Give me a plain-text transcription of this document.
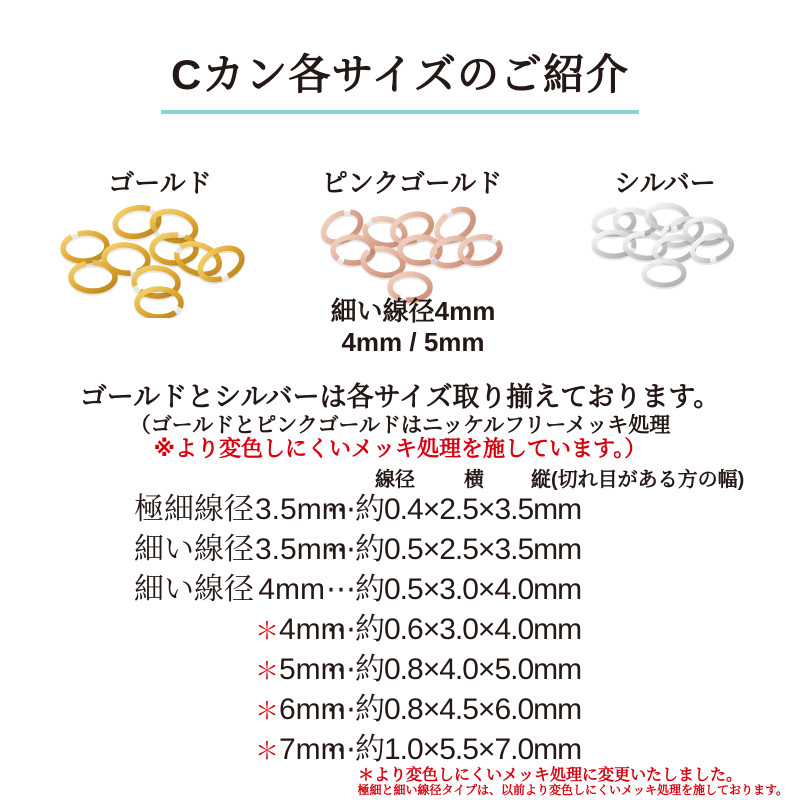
Cカン各サイズのご紹介
ゴールド	ピンクゴールド	シルバー
細い線径4mm
4mm / 5mm
ゴールドとシルバーは各サイズ取り揃えております。
（ゴールドとピンクゴールドはニッケルフリーメッキ処理
※より変色しにくいメッキ処理を施しています。）
線径 横 縦(切れ目がある方の幅)
極細線径 3.5mm
⋯約0.4×2.5×3.5mm
細い線径 3.5mm
⋯約0.5×2.5×3.5mm
細い線径 4mm ⋯約0.5×3.0×4.0mm
＊4mm
⋯約0.6×3.0×4.0mm
＊5mm
⋯約0.8×4.0×5.0mm
＊6mm
⋯約0.8×4.5×6.0mm
＊7mm
⋯約1.0×5.5×7.0mm
＊より変色しにくいメッキ処理に変更いたしました。
極細と細い線径タイプは、以前より変色しにくいメッキ処理を施しております。
